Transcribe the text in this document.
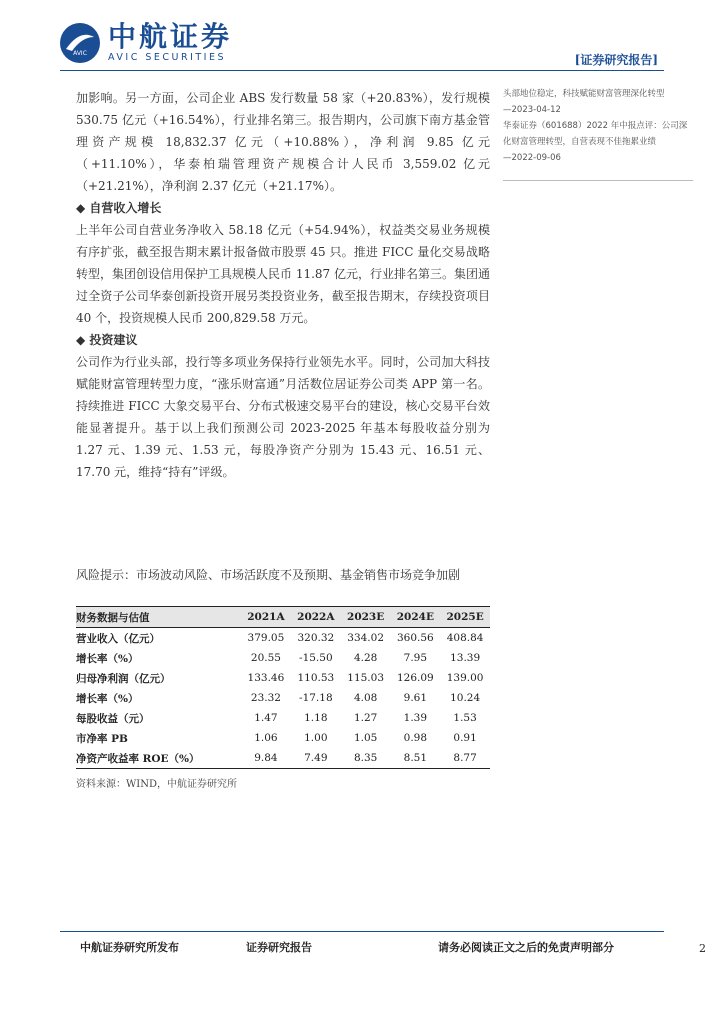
AVIC 中航证券
AVIC SECURITIES	[证券研究报告]

加影响。另一方面，公司企业 ABS 发行数量 58 家（+20.83%），发行规模 530.75 亿元（+16.54%），行业排名第三。报告期内，公司旗下南方基金管理资产规模 18,832.37 亿元（+10.88%），净利润 9.85 亿元（+11.10%），华泰柏瑞管理资产规模合计人民币 3,559.02 亿元（+21.21%），净利润 2.37 亿元（+21.17%）。

◆ 自营收入增长

上半年公司自营业务净收入 58.18 亿元（+54.94%），权益类交易业务规模有序扩张，截至报告期末累计报备做市股票 45 只。推进 FICC 量化交易战略转型，集团创设信用保护工具规模人民币 11.87 亿元，行业排名第三。集团通过全资子公司华泰创新投资开展另类投资业务，截至报告期末，存续投资项目 40 个，投资规模人民币 200,829.58 万元。

◆ 投资建议

公司作为行业头部，投行等多项业务保持行业领先水平。同时，公司加大科技赋能财富管理转型力度，“涨乐财富通”月活数位居证券公司类 APP 第一名。持续推进 FICC 大象交易平台、分布式极速交易平台的建设，核心交易平台效能显著提升。基于以上我们预测公司 2023-2025 年基本每股收益分别为 1.27 元、1.39 元、1.53 元，每股净资产分别为 15.43 元、16.51 元、17.70 元，维持“持有”评级。

头部地位稳定，科技赋能财富管理深化转型

—2023-04-12

华泰证券（601688）2022 年中报点评：公司深化财富管理转型，自营表现不佳拖累业绩

—2022-09-06

风险提示：市场波动风险、市场活跃度不及预期、基金销售市场竞争加剧
财务数据与估值	2021A	2022A	2023E	2024E	2025E
营业收入（亿元）	379.05	320.32	334.02	360.56	408.84
增长率（%）	20.55	-15.50	4.28	7.95	13.39
归母净利润（亿元）	133.46	110.53	115.03	126.09	139.00
增长率（%）	23.32	-17.18	4.08	9.61	10.24
每股收益（元）	1.47	1.18	1.27	1.39	1.53
市净率 PB	1.06	1.00	1.05	0.98	0.91
净资产收益率 ROE（%）	9.84	7.49	8.35	8.51	8.77
资料来源：WIND，中航证券研究所
中航证券研究所发布	证券研究报告	请务必阅读正文之后的免责声明部分	2
